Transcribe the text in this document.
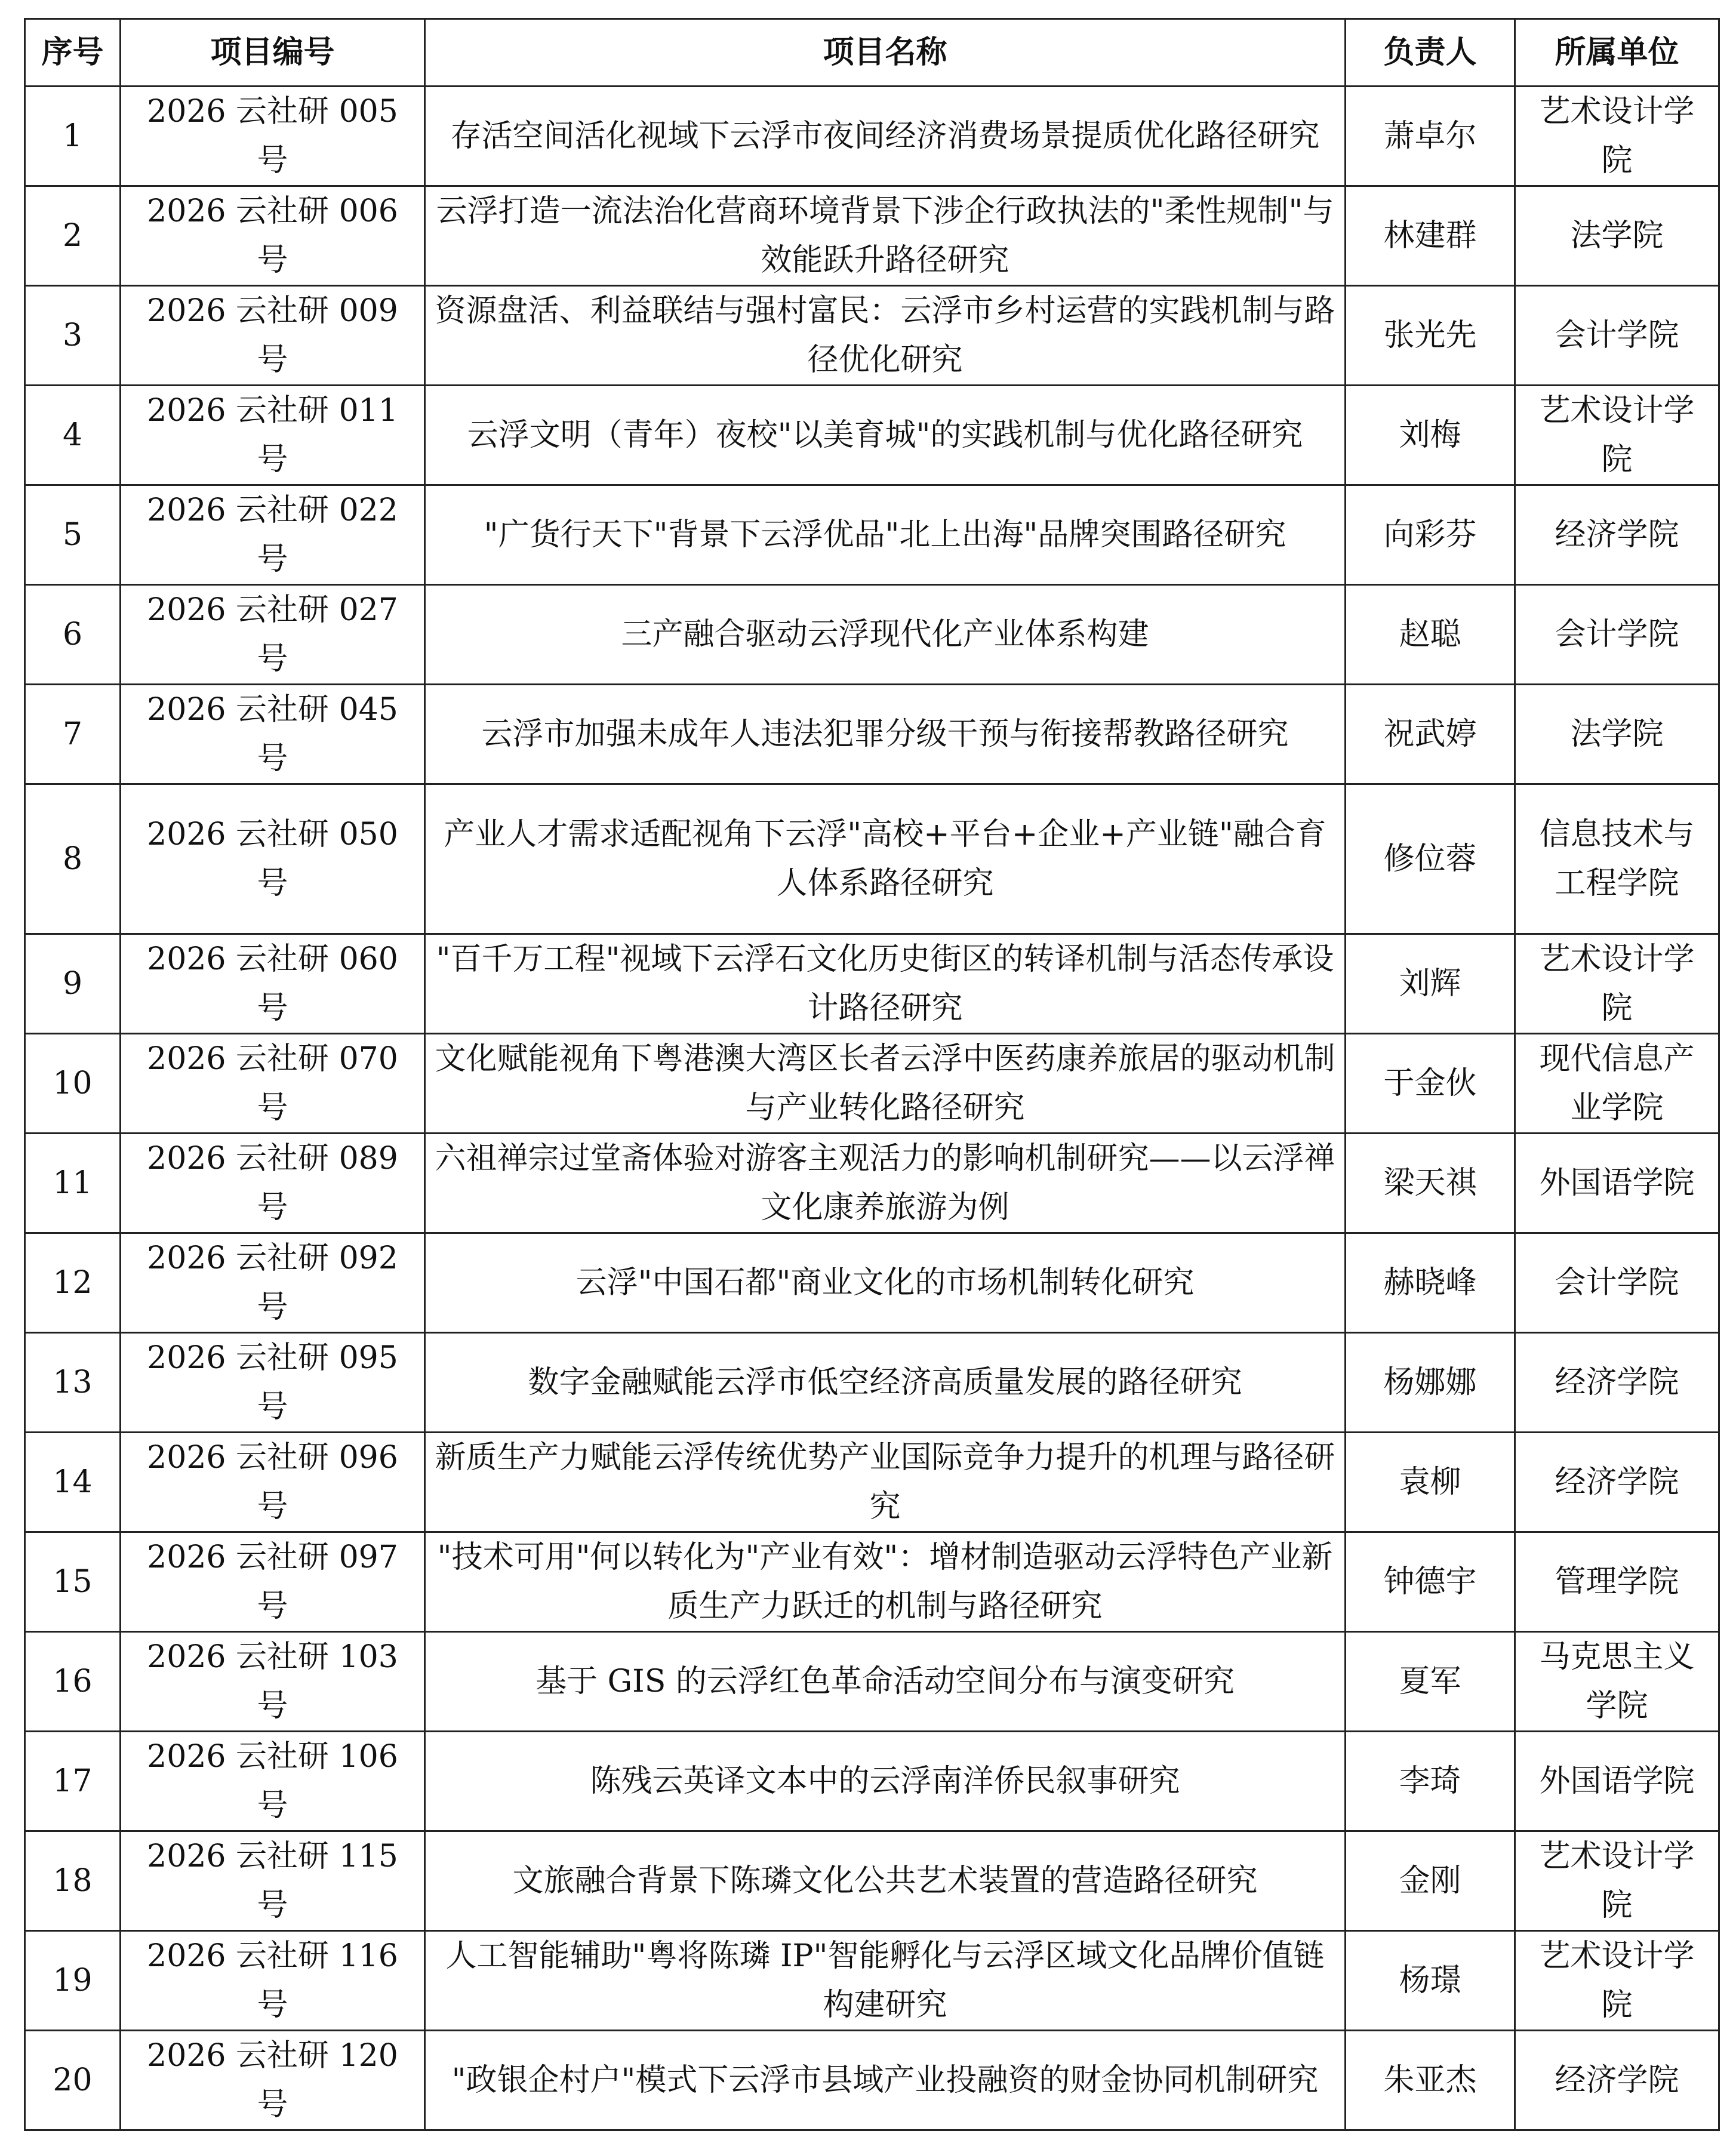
序号	项目编号	项目名称	负责人	所属单位
1	2026 云社研 005 号	存活空间活化视域下云浮市夜间经济消费场景提质优化路径研究	萧卓尔	艺术设计学院
2	2026 云社研 006 号	云浮打造一流法治化营商环境背景下涉企行政执法的"柔性规制"与效能跃升路径研究	林建群	法学院
3	2026 云社研 009 号	资源盘活、利益联结与强村富民：云浮市乡村运营的实践机制与路径优化研究	张光先	会计学院
4	2026 云社研 011 号	云浮文明（青年）夜校"以美育城"的实践机制与优化路径研究	刘梅	艺术设计学院
5	2026 云社研 022 号	"广货行天下"背景下云浮优品"北上出海"品牌突围路径研究	向彩芬	经济学院
6	2026 云社研 027 号	三产融合驱动云浮现代化产业体系构建	赵聪	会计学院
7	2026 云社研 045 号	云浮市加强未成年人违法犯罪分级干预与衔接帮教路径研究	祝武婷	法学院
8	2026 云社研 050 号	产业人才需求适配视角下云浮"高校+平台+企业+产业链"融合育人体系路径研究	修位蓉	信息技术与工程学院
9	2026 云社研 060 号	"百千万工程"视域下云浮石文化历史街区的转译机制与活态传承设计路径研究	刘辉	艺术设计学院
10	2026 云社研 070 号	文化赋能视角下粤港澳大湾区长者云浮中医药康养旅居的驱动机制与产业转化路径研究	于金伙	现代信息产业学院
11	2026 云社研 089 号	六祖禅宗过堂斋体验对游客主观活力的影响机制研究——以云浮禅文化康养旅游为例	梁天祺	外国语学院
12	2026 云社研 092 号	云浮"中国石都"商业文化的市场机制转化研究	赫晓峰	会计学院
13	2026 云社研 095 号	数字金融赋能云浮市低空经济高质量发展的路径研究	杨娜娜	经济学院
14	2026 云社研 096 号	新质生产力赋能云浮传统优势产业国际竞争力提升的机理与路径研究	袁柳	经济学院
15	2026 云社研 097 号	"技术可用"何以转化为"产业有效"：增材制造驱动云浮特色产业新质生产力跃迁的机制与路径研究	钟德宇	管理学院
16	2026 云社研 103 号	基于 GIS 的云浮红色革命活动空间分布与演变研究	夏军	马克思主义学院
17	2026 云社研 106 号	陈残云英译文本中的云浮南洋侨民叙事研究	李琦	外国语学院
18	2026 云社研 115 号	文旅融合背景下陈璘文化公共艺术装置的营造路径研究	金刚	艺术设计学院
19	2026 云社研 116 号	人工智能辅助"粤将陈璘 IP"智能孵化与云浮区域文化品牌价值链构建研究	杨璟	艺术设计学院
20	2026 云社研 120 号	"政银企村户"模式下云浮市县域产业投融资的财金协同机制研究	朱亚杰	经济学院
